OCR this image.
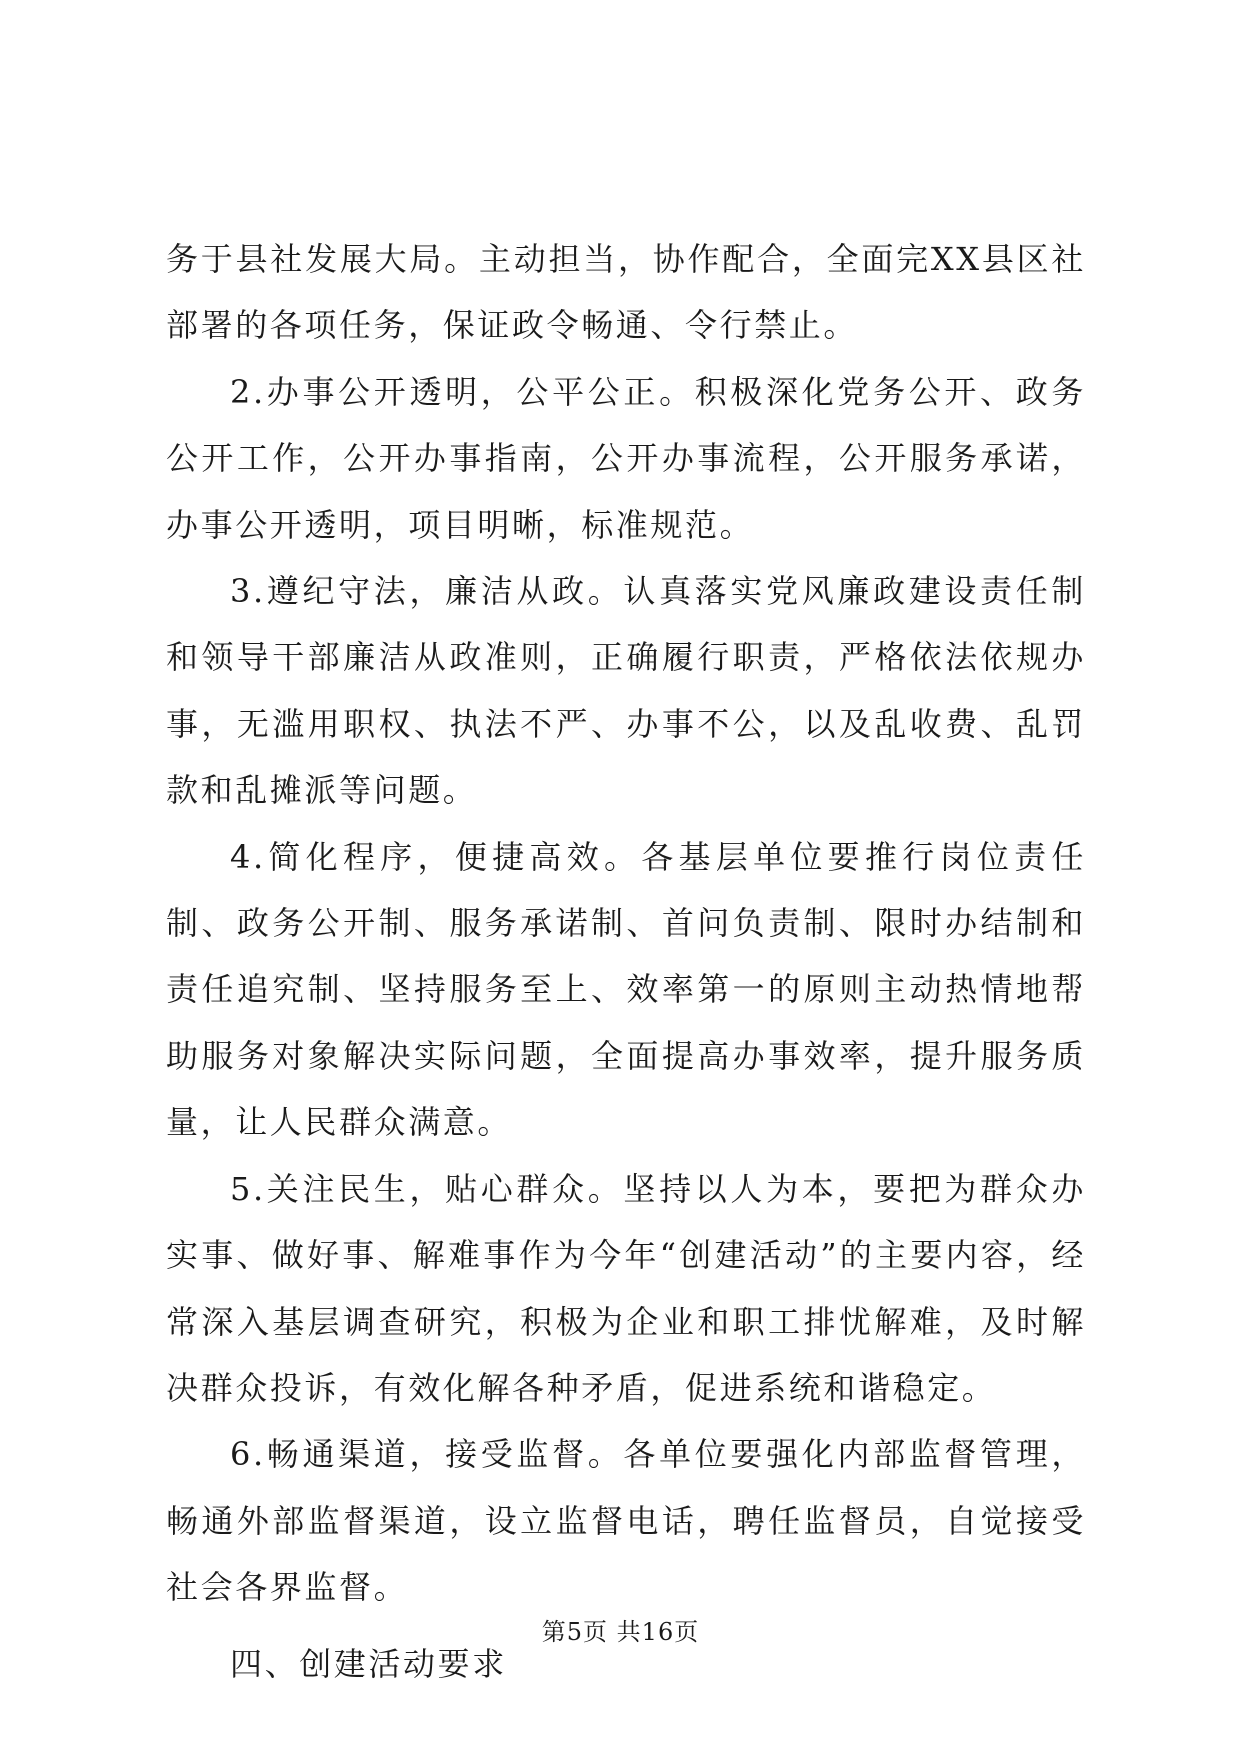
务于县社发展大局。主动担当，协作配合，全面完XX县区社部署的各项任务，保证政令畅通、令行禁止。

2.办事公开透明，公平公正。积极深化党务公开、政务公开工作，公开办事指南，公开办事流程，公开服务承诺，办事公开透明，项目明晰，标准规范。

3.遵纪守法，廉洁从政。认真落实党风廉政建设责任制和领导干部廉洁从政准则，正确履行职责，严格依法依规办事，无滥用职权、执法不严、办事不公，以及乱收费、乱罚款和乱摊派等问题。

4.简化程序，便捷高效。各基层单位要推行岗位责任制、政务公开制、服务承诺制、首问负责制、限时办结制和责任追究制、坚持服务至上、效率第一的原则主动热情地帮助服务对象解决实际问题，全面提高办事效率，提升服务质量，让人民群众满意。

5.关注民生，贴心群众。坚持以人为本，要把为群众办实事、做好事、解难事作为今年“创建活动”的主要内容，经常深入基层调查研究，积极为企业和职工排忧解难，及时解决群众投诉，有效化解各种矛盾，促进系统和谐稳定。

6.畅通渠道，接受监督。各单位要强化内部监督管理，畅通外部监督渠道，设立监督电话，聘任监督员，自觉接受社会各界监督。

四、创建活动要求

第5页 共16页
